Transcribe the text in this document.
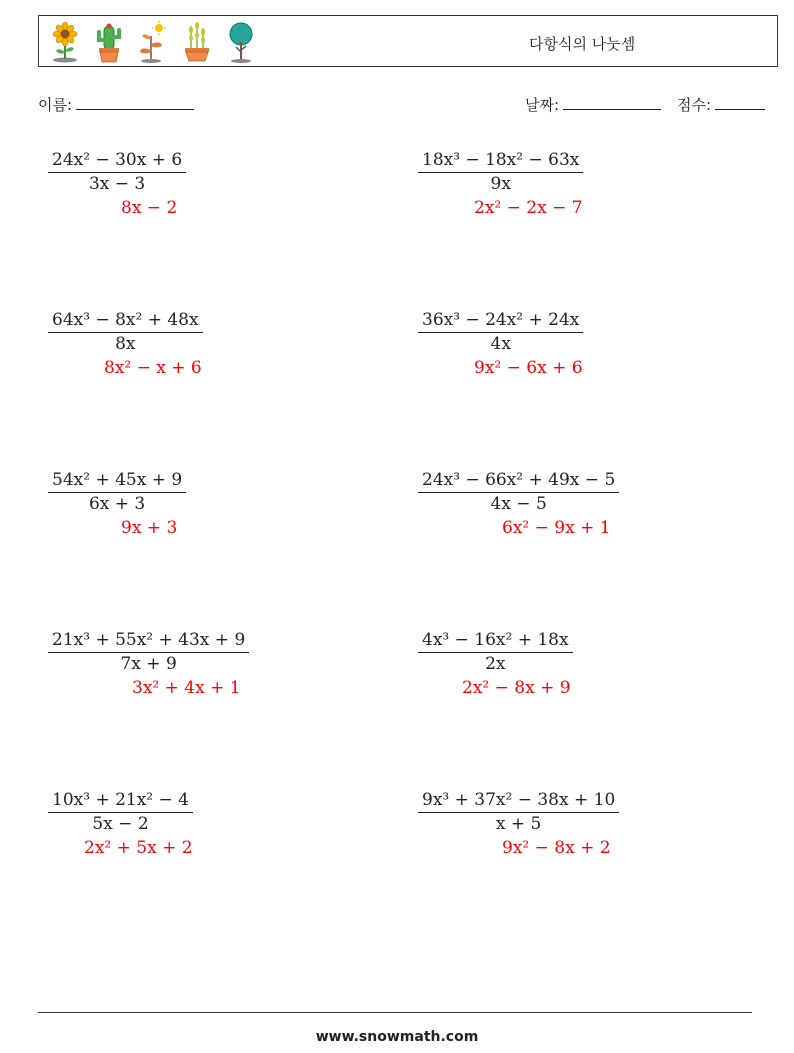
다항식의 나눗셈
이름:	날짜:	점수:
24x² − 30x + 6
3x − 3
8x − 2
18x³ − 18x² − 63x
9x
2x² − 2x − 7
64x³ − 8x² + 48x
8x
8x² − x + 6
36x³ − 24x² + 24x
4x
9x² − 6x + 6
54x² + 45x + 9
6x + 3
9x + 3
24x³ − 66x² + 49x − 5
4x − 5
6x² − 9x + 1
21x³ + 55x² + 43x + 9
7x + 9
3x² + 4x + 1
4x³ − 16x² + 18x
2x
2x² − 8x + 9
10x³ + 21x² − 4
5x − 2
2x² + 5x + 2
9x³ + 37x² − 38x + 10
x + 5
9x² − 8x + 2
www.snowmath.com
